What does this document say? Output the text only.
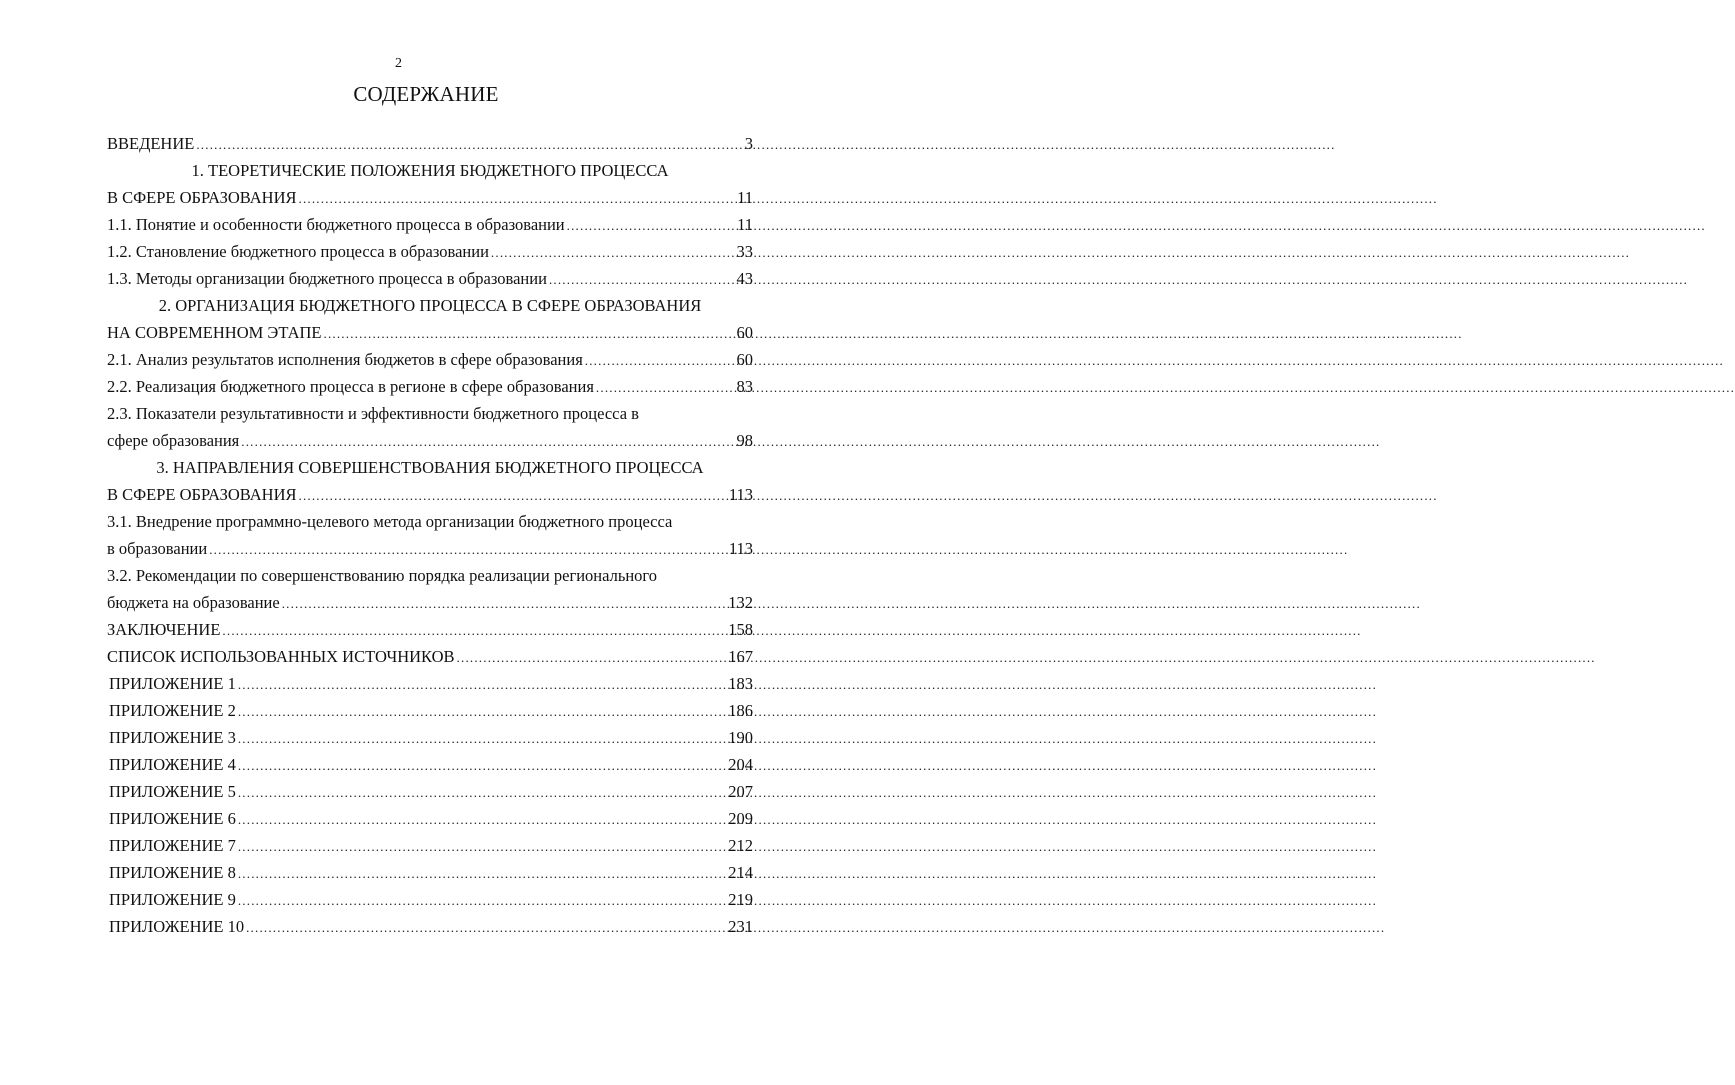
2
СОДЕРЖАНИЕ
ВВЕДЕНИЕ .....	3
1. ТЕОРЕТИЧЕСКИЕ ПОЛОЖЕНИЯ БЮДЖЕТНОГО ПРОЦЕССА
В СФЕРЕ ОБРАЗОВАНИЯ .....	11
1.1. Понятие и особенности бюджетного процесса в образовании .....	11
1.2. Становление бюджетного процесса в образовании .....	33
1.3. Методы организации бюджетного процесса в образовании .....	43
2. ОРГАНИЗАЦИЯ БЮДЖЕТНОГО ПРОЦЕССА В СФЕРЕ ОБРАЗОВАНИЯ
НА СОВРЕМЕННОМ ЭТАПЕ .....	60
2.1. Анализ результатов исполнения бюджетов в сфере образования .....	60
2.2. Реализация бюджетного процесса в регионе в сфере образования .....	83
2.3. Показатели результативности и эффективности бюджетного процесса в
сфере образования .....	98
3. НАПРАВЛЕНИЯ СОВЕРШЕНСТВОВАНИЯ БЮДЖЕТНОГО ПРОЦЕССА
В СФЕРЕ ОБРАЗОВАНИЯ .....	113
3.1. Внедрение программно-целевого метода организации бюджетного процесса
в образовании .....	113
3.2. Рекомендации по совершенствованию порядка реализации регионального
бюджета на образование .....	132
ЗАКЛЮЧЕНИЕ .....	158
СПИСОК ИСПОЛЬЗОВАННЫХ ИСТОЧНИКОВ .....	167
ПРИЛОЖЕНИЕ 1 .....	183
ПРИЛОЖЕНИЕ 2 .....	186
ПРИЛОЖЕНИЕ 3 .....	190
ПРИЛОЖЕНИЕ 4 .....	204
ПРИЛОЖЕНИЕ 5 .....	207
ПРИЛОЖЕНИЕ 6 .....	209
ПРИЛОЖЕНИЕ 7 .....	212
ПРИЛОЖЕНИЕ 8 .....	214
ПРИЛОЖЕНИЕ 9 .....	219
ПРИЛОЖЕНИЕ 10 .....	231
